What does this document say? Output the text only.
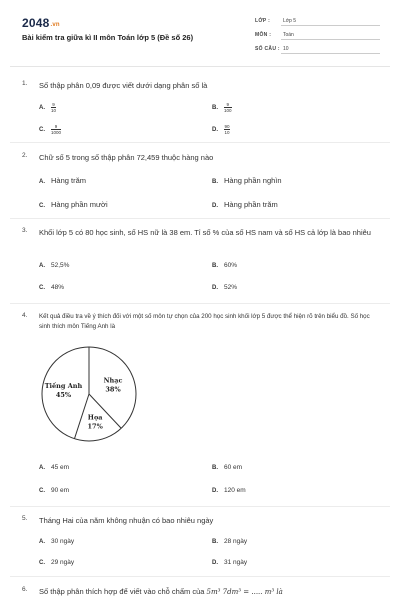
2048.vn
Bài kiểm tra giữa kì II môn Toán lớp 5 (Đề số 26)
LỚP :	Lớp 5
MÔN : Toán
SỐ CÂU : 10
1. Số thập phân 0,09 được viết dưới dạng phân số là
A. $\frac{9}{10}$	B. $\frac{9}{100}$
C. $\frac{9}{1000}$	D. $\frac{90}{10}$
2. Chữ số 5 trong số thập phân 72,459 thuộc hàng nào
A. Hàng trăm	B. Hàng phần nghìn
C. Hàng phần mười	D. Hàng phần trăm
3. Khối lớp 5 có 80 học sinh, số HS nữ là 38 em. Tỉ số % của số HS nam và số HS cả lớp là bao nhiêu
A. 52,5%	B. 60%
C. 48%	D. 52%
4. Kết quả điều tra về ý thích đối với một số môn tự chọn của 200 học sinh khối lớp 5 được thể hiện rõ trên biểu đồ. Số học sinh thích môn Tiếng Anh là
Tiếng Anh
45%
Nhạc
38%
Họa
17%
A. 45 em	B. 60 em
C. 90 em	D. 120 em
5. Tháng Hai của năm không nhuận có bao nhiêu ngày
A. 30 ngày	B. 28 ngày
C. 29 ngày	D. 31 ngày
6. Số thập phân thích hợp để viết vào chỗ chấm của 5m³ 7dm³ = ..... m³ là
